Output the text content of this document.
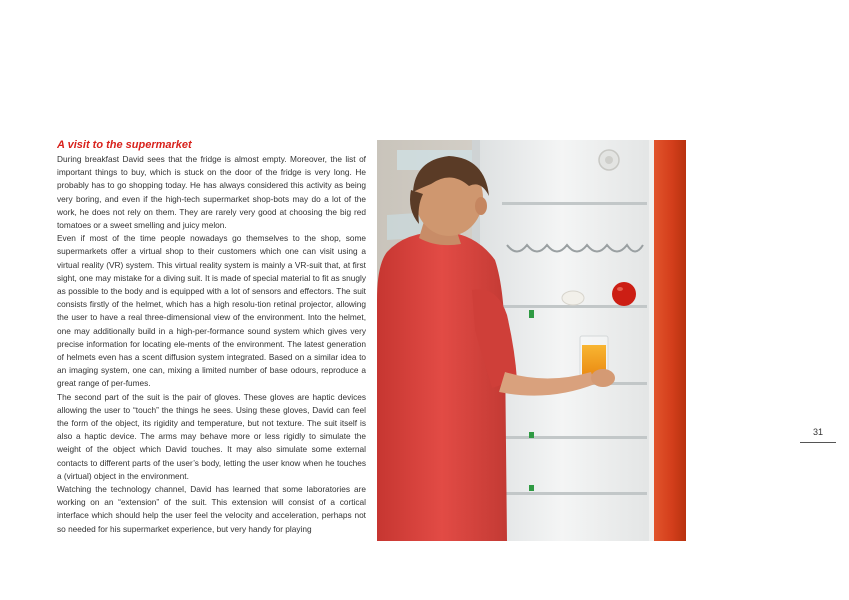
A visit to the supermarket

During breakfast David sees that the fridge is almost empty. Moreover, the list of important things to buy, which is stuck on the door of the fridge is very long. He probably has to go shopping today. He has always considered this activity as being very boring, and even if the high-tech supermarket shop-bots may do a lot of the work, he does not rely on them. They are rarely very good at choosing the big red tomatoes or a sweet smelling and juicy melon.

Even if most of the time people nowadays go themselves to the shop, some supermarkets offer a virtual shop to their customers which one can visit using a virtual reality (VR) system. This virtual reality system is mainly a VR-suit that, at first sight, one may mistake for a diving suit. It is made of special material to fit as snugly as possible to the body and is equipped with a lot of sensors and effectors. The suit consists firstly of the helmet, which has a high resolu-tion retinal projector, allowing the user to have a real three-dimensional view of the environment. Into the helmet, one may additionally build in a high-per-formance sound system which gives very precise information for locating ele-ments of the environment. The latest generation of helmets even has a scent diffusion system integrated. Based on a similar idea to an imaging system, one can, mixing a limited number of base odours, reproduce a great range of per-fumes.

The second part of the suit is the pair of gloves. These gloves are haptic devices allowing the user to “touch” the things he sees. Using these gloves, David can feel the form of the object, its rigidity and temperature, but not texture. The suit itself is also a haptic device. The arms may behave more or less rigidly to simulate the weight of the object which David touches. It may also simulate some external contacts to different parts of the user’s body, letting the user know when he touches a (virtual) object in the environment.

Watching the technology channel, David has learned that some laboratories are working on an “extension” of the suit. This extension will consist of a cortical interface which should help the user feel the velocity and acceleration, perhaps not so needed for his supermarket experience, but very handy for playing

31
